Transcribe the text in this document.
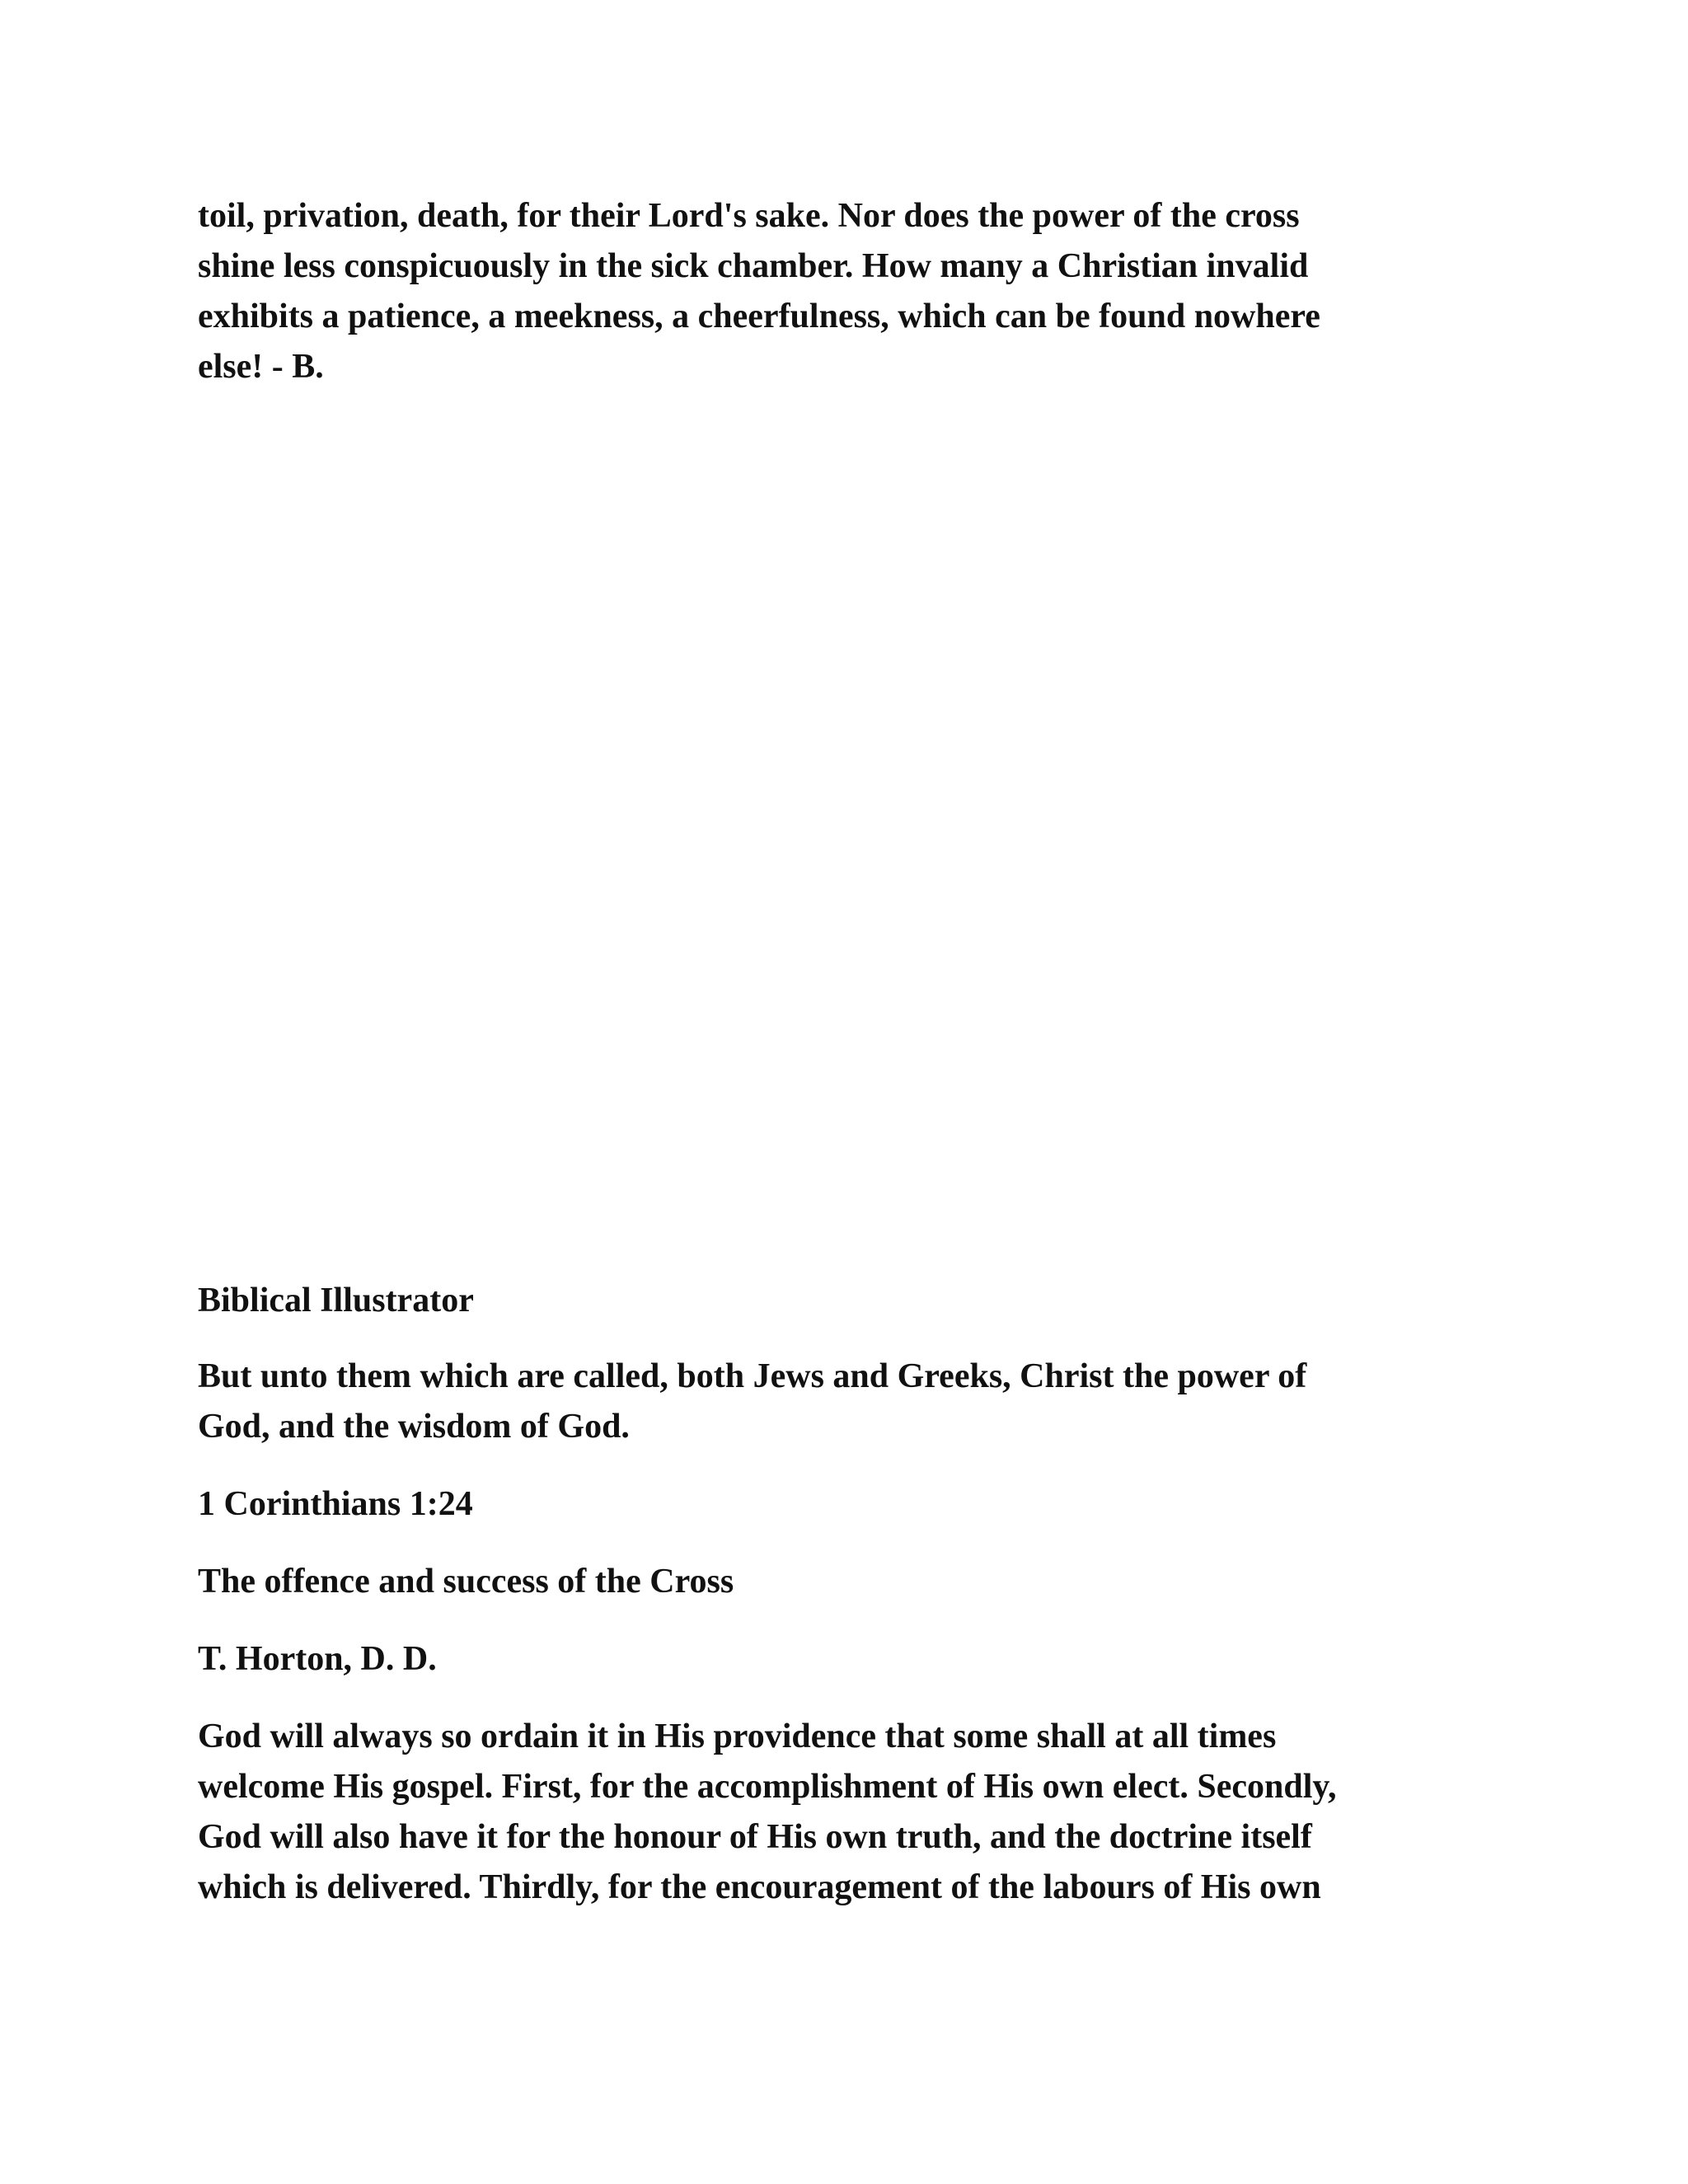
toil, privation, death, for their Lord's sake. Nor does the power of the cross
shine less conspicuously in the sick chamber. How many a Christian invalid
exhibits a patience, a meekness, a cheerfulness, which can be found nowhere
else! - B.
Biblical Illustrator
But unto them which are called, both Jews and Greeks, Christ the power of
God, and the wisdom of God.
1 Corinthians 1:24
The offence and success of the Cross
T. Horton, D. D.
God will always so ordain it in His providence that some shall at all times
welcome His gospel. First, for the accomplishment of His own elect. Secondly,
God will also have it for the honour of His own truth, and the doctrine itself
which is delivered. Thirdly, for the encouragement of the labours of His own
